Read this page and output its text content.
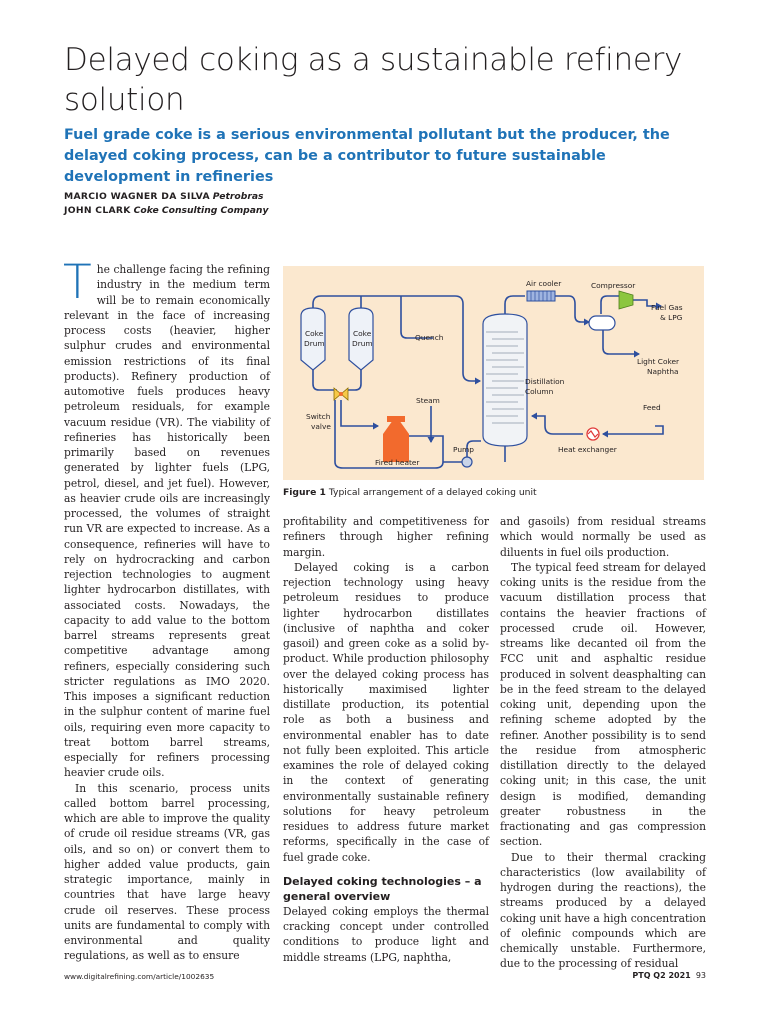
Delayed coking as a sustainable refinery solution
Fuel grade coke is a serious environmental pollutant but the producer, the delayed coking process, can be a contributor to future sustainable development in refineries
MARCIO WAGNER DA SILVA Petrobras
JOHN CLARK Coke Consulting Company

The challenge facing the refining industry in the medium term will be to remain economically relevant in the face of increasing process costs (heavier, higher sulphur crudes and environmental emission restrictions of its final products). Refinery production of automotive fuels produces heavy petroleum residuals, for example vacuum residue (VR). The viability of refineries has historically been primarily based on revenues generated by lighter fuels (LPG, petrol, diesel, and jet fuel). However, as heavier crude oils are increasingly processed, the volumes of straight run VR are expected to increase. As a consequence, refineries will have to rely on hydrocracking and carbon rejection technologies to augment lighter hydrocarbon distillates, with associated costs. Nowadays, the capacity to add value to the bottom barrel streams represents great competitive advantage among refiners, especially considering such stricter regulations as IMO 2020. This imposes a significant reduction in the sulphur content of marine fuel oils, requiring even more capacity to treat bottom barrel streams, especially for refiners processing heavier crude oils.

In this scenario, process units called bottom barrel processing, which are able to improve the quality of crude oil residue streams (VR, gas oils, and so on) or convert them to higher added value products, gain strategic importance, mainly in countries that have large heavy crude oil reserves. These process units are fundamental to comply with environmental and quality regulations, as well as to ensure

Coke Drum
Coke Drum
Switch valve
Fired heater
Quench
Steam
Pump
Air cooler	Compressor
Fuel Gas & LPG
Light Coker Naphtha
Distillation Column
Feed
Heat exchanger
Figure 1 Typical arrangement of a delayed coking unit

profitability and competitiveness for refiners through higher refining margin.

Delayed coking is a carbon rejection technology using heavy petroleum residues to produce lighter hydrocarbon distillates (inclusive of naphtha and coker gasoil) and green coke as a solid by-product. While production philosophy over the delayed coking process has historically maximised lighter distillate production, its potential role as both a business and environmental enabler has to date not fully been exploited. This article examines the role of delayed coking in the context of generating environmentally sustainable refinery solutions for heavy petroleum residues to address future market reforms, specifically in the case of fuel grade coke.

Delayed coking technologies – a general overview

Delayed coking employs the thermal cracking concept under controlled conditions to produce light and middle streams (LPG, naphtha,

and gasoils) from residual streams which would normally be used as diluents in fuel oils production.

The typical feed stream for delayed coking units is the residue from the vacuum distillation process that contains the heavier fractions of processed crude oil. However, streams like decanted oil from the FCC unit and asphaltic residue produced in solvent deasphalting can be in the feed stream to the delayed coking unit, depending upon the refining scheme adopted by the refiner. Another possibility is to send the residue from atmospheric distillation directly to the delayed coking unit; in this case, the unit design is modified, demanding greater robustness in the fractionating and gas compression section.

Due to their thermal cracking characteristics (low availability of hydrogen during the reactions), the streams produced by a delayed coking unit have a high concentration of olefinic compounds which are chemically unstable. Furthermore, due to the processing of residual

www.digitalrefining.com/article/1002635	PTQ Q2 2021 93
